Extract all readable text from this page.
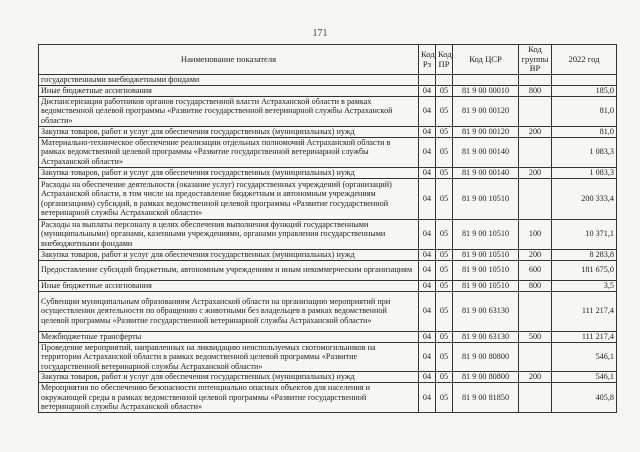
171
Наименование показателя	Код Рз	Код ПР	Код ЦСР	Код группы ВР	2022 год
государственными внебюджетными фондами					
Иные бюджетные ассигнования	04	05	81 9 00 00010	800	185,0
Диспансеризация работников органов государственной власти Астраханской области в рамках ведомственной целевой программы «Развитие государственной ветеринарной службы Астраханской области»	04	05	81 9 00 00120		81,0
Закупка товаров, работ и услуг для обеспечения государственных (муниципальных) нужд	04	05	81 9 00 00120	200	81,0
Материально-техническое обеспечение реализации отдельных полномочий Астраханской области в рамках ведомственной целевой программы «Развитие государственной ветеринарной службы Астраханской области»	04	05	81 9 00 00140		1 083,3
Закупка товаров, работ и услуг для обеспечения государственных (муниципальных) нужд	04	05	81 9 00 00140	200	1 083,3
Расходы на обеспечение деятельности (оказание услуг) государственных учреждений (организаций) Астраханской области, в том числе на предоставление бюджетным и автономным учреждениям (организациям) субсидий, в рамках ведомственной целевой программы «Развитие государственной ветеринарной службы Астраханской области»	04	05	81 9 00 10510		200 333,4
Расходы на выплаты персоналу в целях обеспечения выполнения функций государственными (муниципальными) органами, казенными учреждениями, органами управления государственными внебюджетными фондами	04	05	81 9 00 10510	100	10 371,1
Закупка товаров, работ и услуг для обеспечения государственных (муниципальных) нужд	04	05	81 9 00 10510	200	8 283,8
Предоставление субсидий бюджетным, автономным учреждениям и иным некоммерческим организациям	04	05	81 9 00 10510	600	181 675,0
Иные бюджетные ассигнования	04	05	81 9 00 10510	800	3,5
Субвенции муниципальным образованиям Астраханской области на организацию мероприятий при осуществлении деятельности по обращению с животными без владельцев в рамках ведомственной целевой программы «Развитие государственной ветеринарной службы Астраханской области»	04	05	81 9 00 63130		111 217,4
Межбюджетные трансферты	04	05	81 9 00 63130	500	111 217,4
Проведение мероприятий, направленных на ликвидацию неиспользуемых скотомогильников на территории Астраханской области в рамках ведомственной целевой программы «Развитие государственной ветеринарной службы Астраханской области»	04	05	81 9 00 80800		546,1
Закупка товаров, работ и услуг для обеспечения государственных (муниципальных) нужд	04	05	81 9 00 80800	200	546,1
Мероприятия по обеспечению безопасности потенциально опасных объектов для населения и окружающей среды в рамках ведомственной целевой программы «Развитие государственной ветеринарной службы Астраханской области»	04	05	81 9 00 81850		405,8
